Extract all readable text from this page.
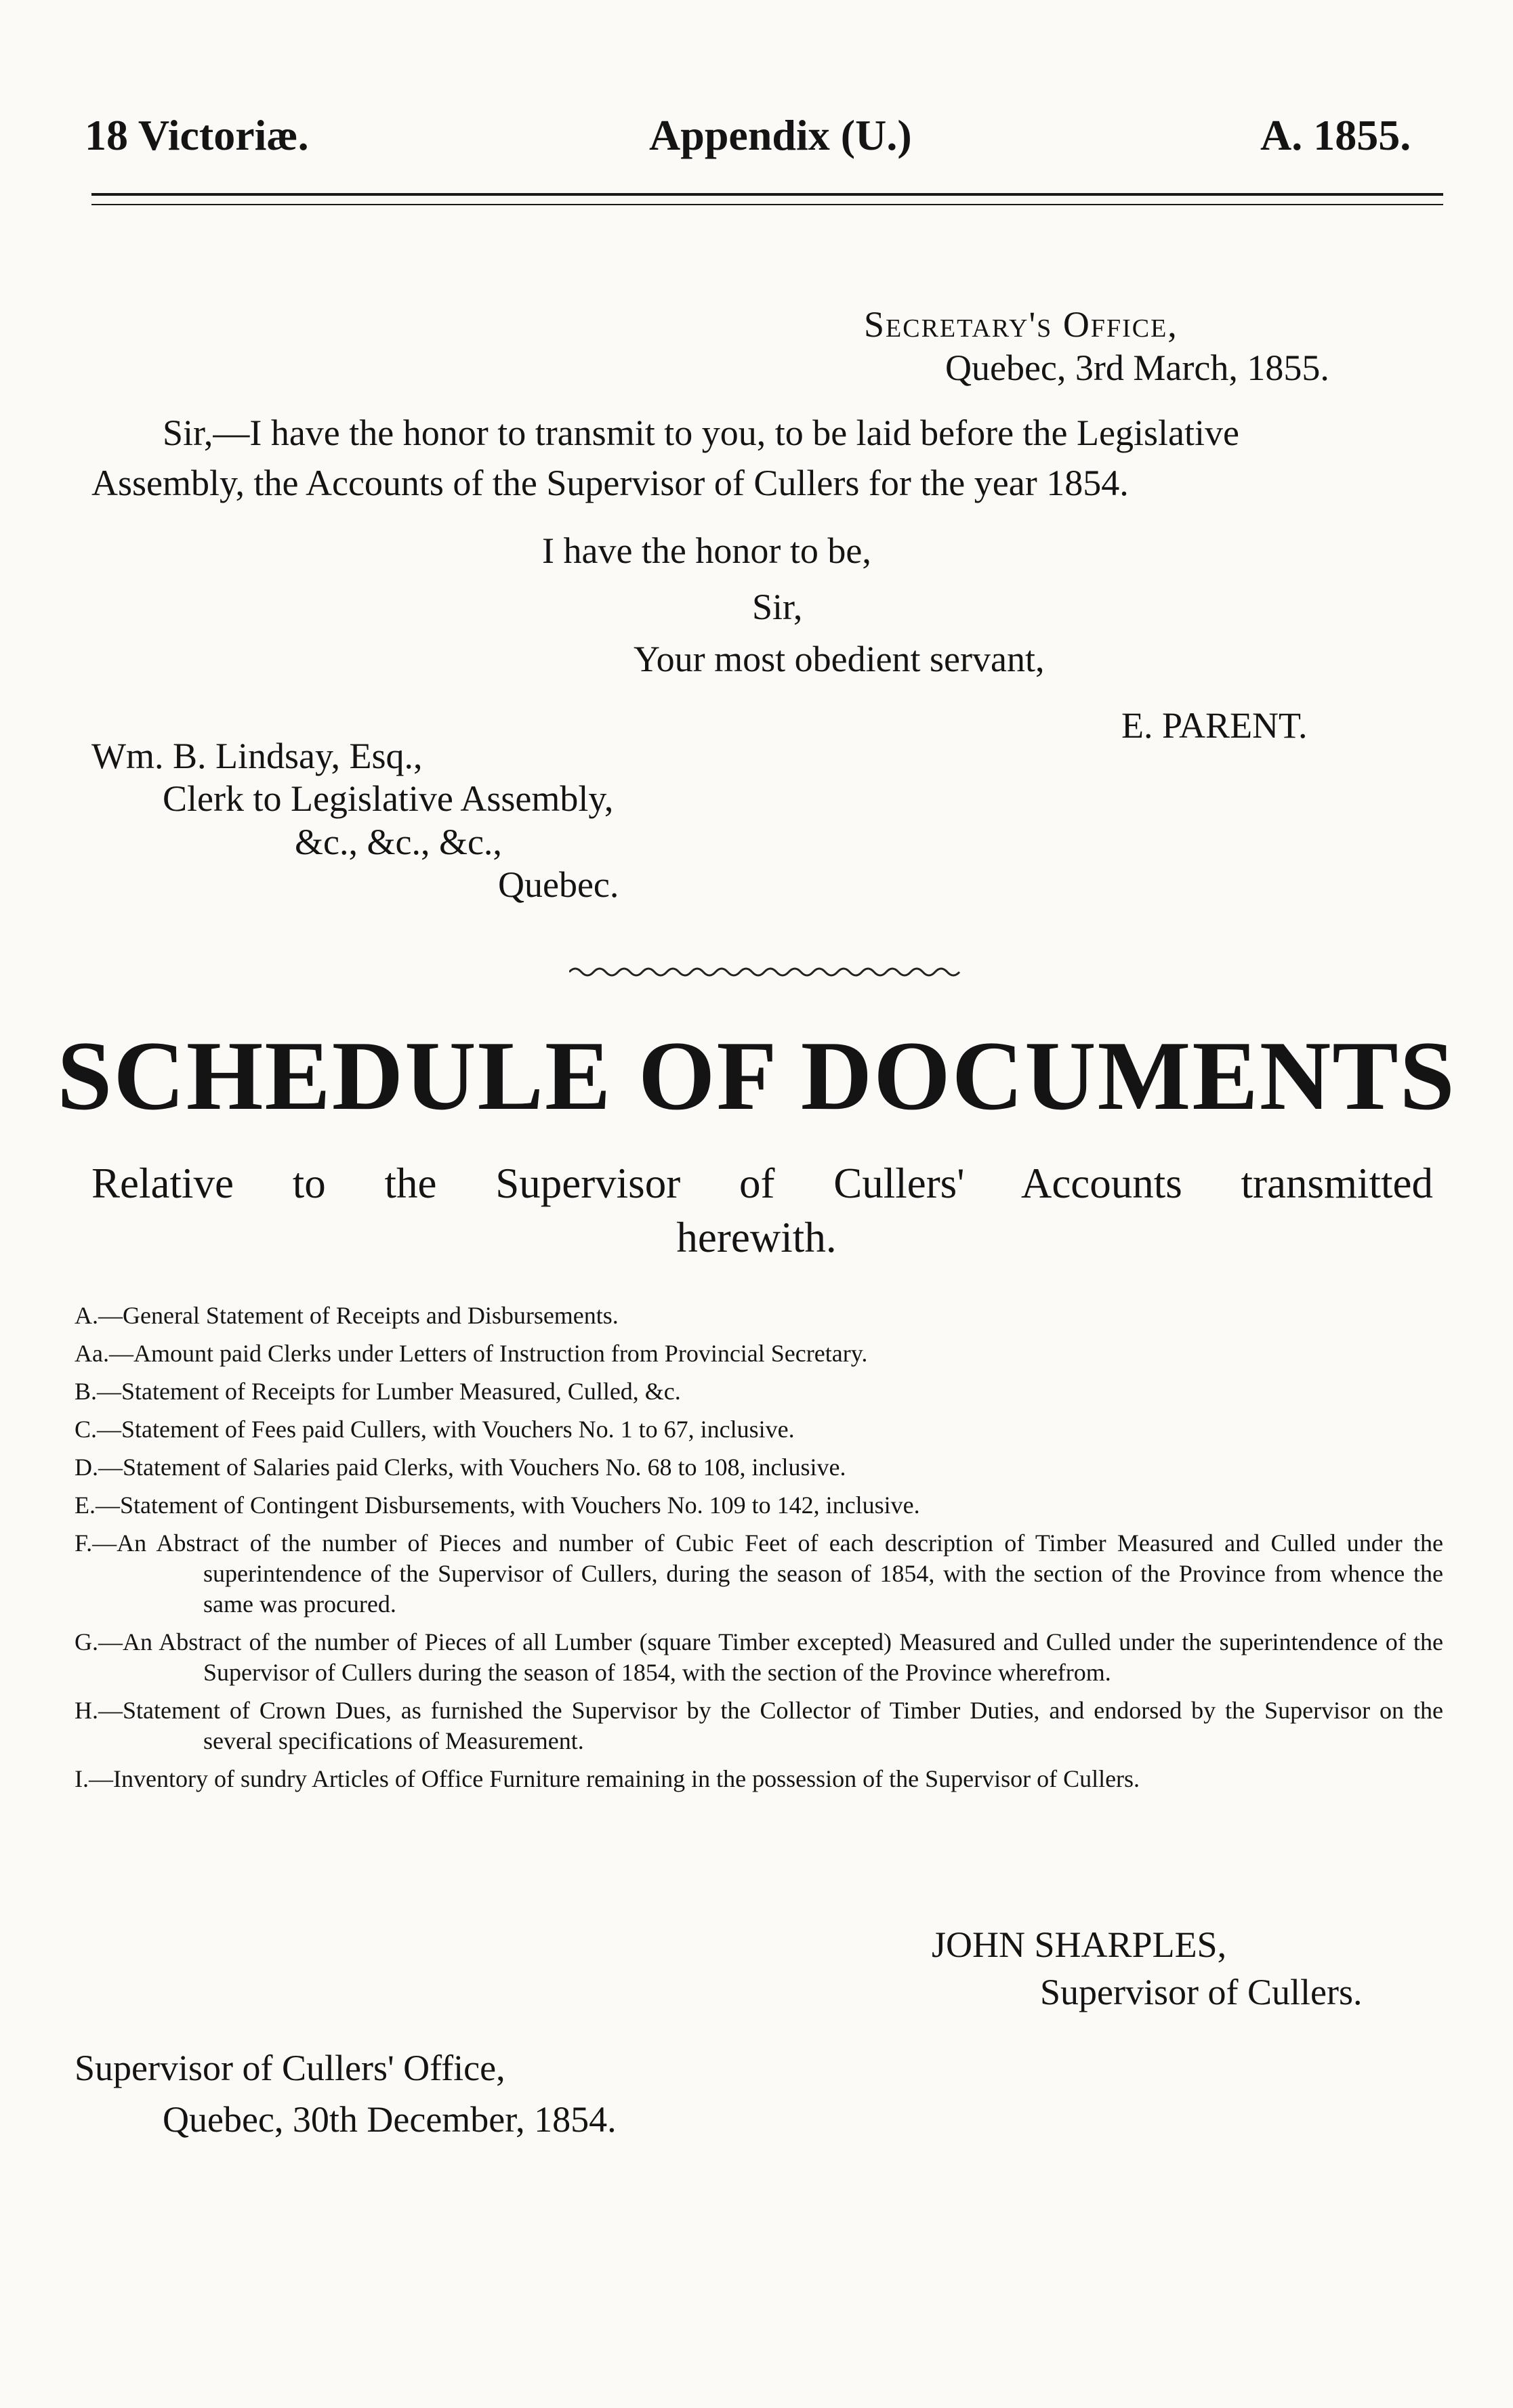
18 Victoriæ.	Appendix (U.)	A. 1855.

Secretary's Office,

Quebec, 3rd March, 1855.

Sir,—I have the honor to transmit to you, to be laid before the Legislative

Assembly, the Accounts of the Supervisor of Cullers for the year 1854.

I have the honor to be,

Sir,

Your most obedient servant,

E. PARENT.

Wm. B. Lindsay, Esq.,

Clerk to Legislative Assembly,

&c., &c., &c.,

Quebec.

SCHEDULE OF DOCUMENTS

Relative to the Supervisor of Cullers' Accounts transmitted

herewith.

A.—General Statement of Receipts and Disbursements.

Aa.—Amount paid Clerks under Letters of Instruction from Provincial Secretary.

B.—Statement of Receipts for Lumber Measured, Culled, &c.

C.—Statement of Fees paid Cullers, with Vouchers No. 1 to 67, inclusive.

D.—Statement of Salaries paid Clerks, with Vouchers No. 68 to 108, inclusive.

E.—Statement of Contingent Disbursements, with Vouchers No. 109 to 142, inclusive.

F.—An Abstract of the number of Pieces and number of Cubic Feet of each description of Timber Measured and Culled under the superintendence of the Supervisor of Cullers, during the season of 1854, with the section of the Province from whence the same was procured.

G.—An Abstract of the number of Pieces of all Lumber (square Timber excepted) Measured and Culled under the superintendence of the Supervisor of Cullers during the season of 1854, with the section of the Province wherefrom.

H.—Statement of Crown Dues, as furnished the Supervisor by the Collector of Timber Duties, and endorsed by the Supervisor on the several specifications of Measurement.

I.—Inventory of sundry Articles of Office Furniture remaining in the possession of the Supervisor of Cullers.

JOHN SHARPLES,

Supervisor of Cullers.

Supervisor of Cullers' Office,

Quebec, 30th December, 1854.
